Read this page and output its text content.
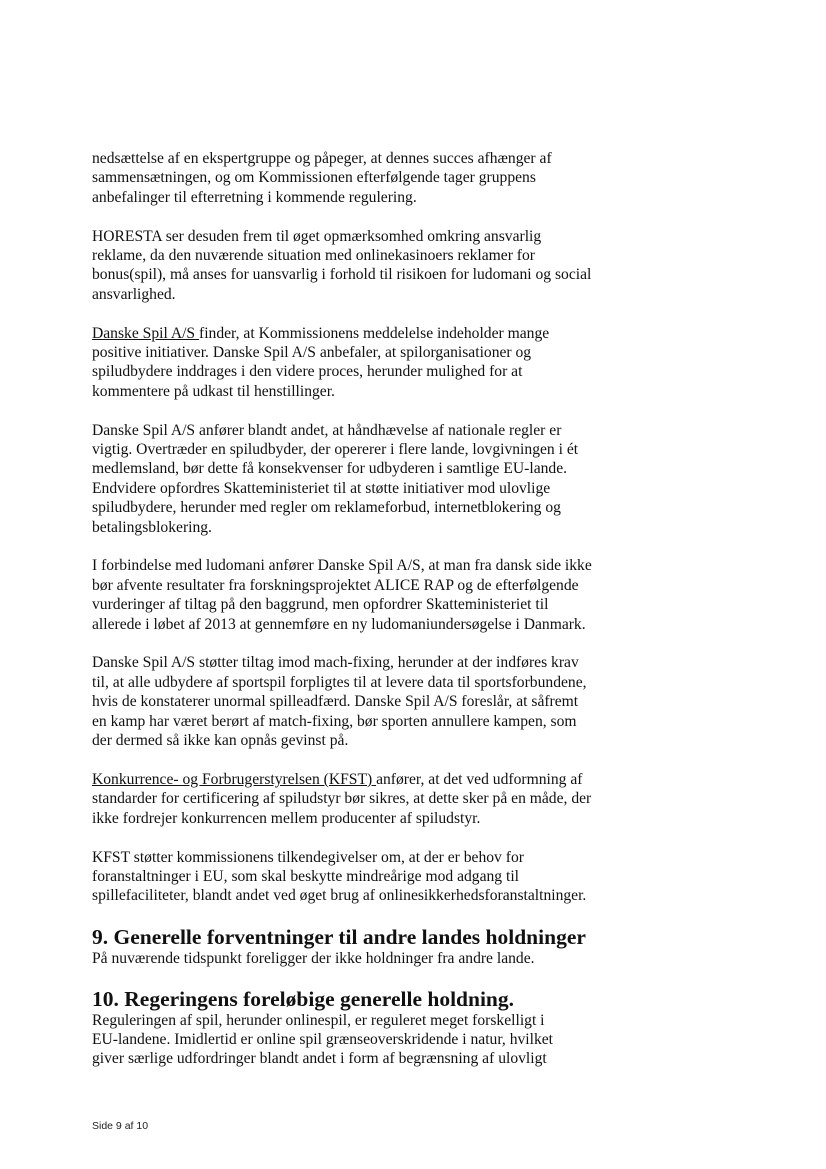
nedsættelse af en ekspertgruppe og påpeger, at dennes succes afhænger af
sammensætningen, og om Kommissionen efterfølgende tager gruppens
anbefalinger til efterretning i kommende regulering.

HORESTA ser desuden frem til øget opmærksomhed omkring ansvarlig
reklame, da den nuværende situation med onlinekasinoers reklamer for
bonus(spil), må anses for uansvarlig i forhold til risikoen for ludomani og social
ansvarlighed.

Danske Spil A/S finder, at Kommissionens meddelelse indeholder mange
positive initiativer. Danske Spil A/S anbefaler, at spilorganisationer og
spiludbydere inddrages i den videre proces, herunder mulighed for at
kommentere på udkast til henstillinger.

Danske Spil A/S anfører blandt andet, at håndhævelse af nationale regler er
vigtig. Overtræder en spiludbyder, der opererer i flere lande, lovgivningen i ét
medlemsland, bør dette få konsekvenser for udbyderen i samtlige EU-lande.
Endvidere opfordres Skatteministeriet til at støtte initiativer mod ulovlige
spiludbydere, herunder med regler om reklameforbud, internetblokering og
betalingsblokering.

I forbindelse med ludomani anfører Danske Spil A/S, at man fra dansk side ikke
bør afvente resultater fra forskningsprojektet ALICE RAP og de efterfølgende
vurderinger af tiltag på den baggrund, men opfordrer Skatteministeriet til
allerede i løbet af 2013 at gennemføre en ny ludomaniundersøgelse i Danmark.

Danske Spil A/S støtter tiltag imod mach-fixing, herunder at der indføres krav
til, at alle udbydere af sportspil forpligtes til at levere data til sportsforbundene,
hvis de konstaterer unormal spilleadfærd. Danske Spil A/S foreslår, at såfremt
en kamp har været berørt af match-fixing, bør sporten annullere kampen, som
der dermed så ikke kan opnås gevinst på.

Konkurrence- og Forbrugerstyrelsen (KFST) anfører, at det ved udformning af
standarder for certificering af spiludstyr bør sikres, at dette sker på en måde, der
ikke fordrejer konkurrencen mellem producenter af spiludstyr.

KFST støtter kommissionens tilkendegivelser om, at der er behov for
foranstaltninger i EU, som skal beskytte mindreårige mod adgang til
spillefaciliteter, blandt andet ved øget brug af onlinesikkerhedsforanstaltninger.

9. Generelle forventninger til andre landes holdninger

På nuværende tidspunkt foreligger der ikke holdninger fra andre lande.

10. Regeringens foreløbige generelle holdning.

Reguleringen af spil, herunder onlinespil, er reguleret meget forskelligt i
EU-landene. Imidlertid er online spil grænseoverskridende i natur, hvilket
giver særlige udfordringer blandt andet i form af begrænsning af ulovligt

Side 9 af 10
